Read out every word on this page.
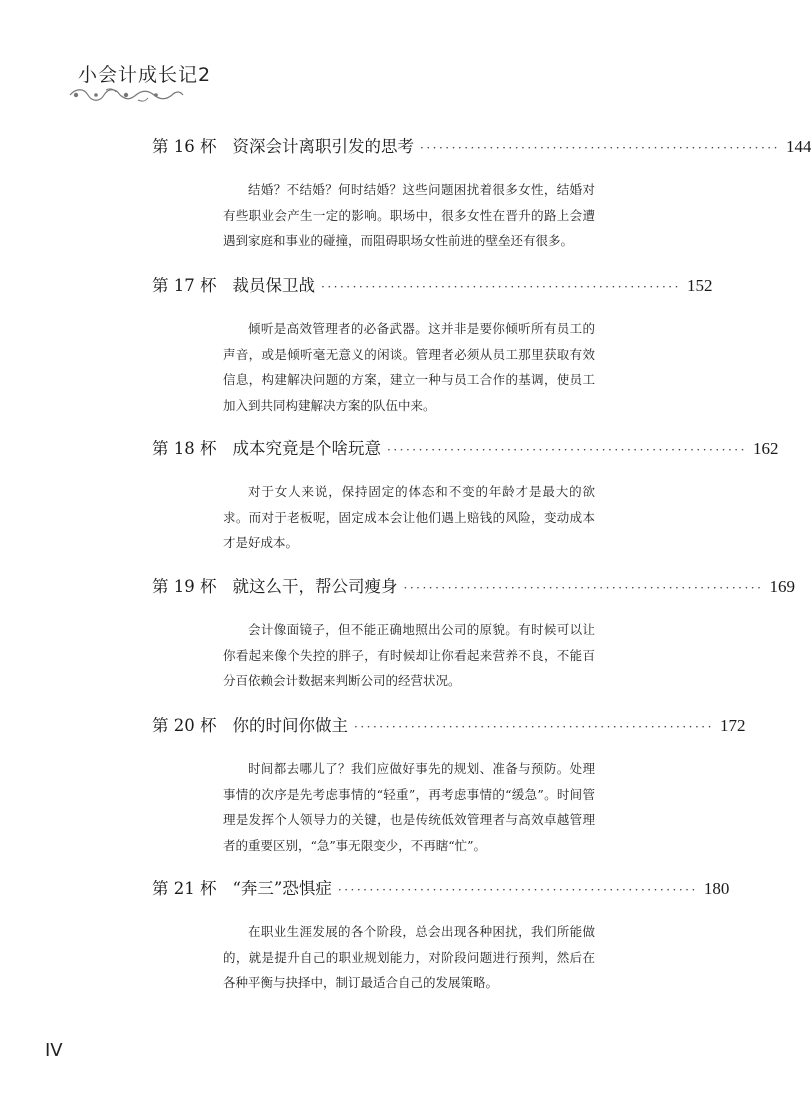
小会计成长记2
第 16 杯 资深会计离职引发的思考 ························································· 144
结婚？不结婚？何时结婚？这些问题困扰着很多女性，结婚对有些职业会产生一定的影响。职场中，很多女性在晋升的路上会遭遇到家庭和事业的碰撞，而阻碍职场女性前进的壁垒还有很多。
第 17 杯 裁员保卫战 ························································· 152
倾听是高效管理者的必备武器。这并非是要你倾听所有员工的声音，或是倾听毫无意义的闲谈。管理者必须从员工那里获取有效信息，构建解决问题的方案，建立一种与员工合作的基调，使员工加入到共同构建解决方案的队伍中来。
第 18 杯 成本究竟是个啥玩意 ························································· 162
对于女人来说，保持固定的体态和不变的年龄才是最大的欲求。而对于老板呢，固定成本会让他们遇上赔钱的风险，变动成本才是好成本。
第 19 杯 就这么干，帮公司瘦身 ························································· 169
会计像面镜子，但不能正确地照出公司的原貌。有时候可以让你看起来像个失控的胖子，有时候却让你看起来营养不良，不能百分百依赖会计数据来判断公司的经营状况。
第 20 杯 你的时间你做主 ························································· 172
时间都去哪儿了？我们应做好事先的规划、准备与预防。处理事情的次序是先考虑事情的“轻重”，再考虑事情的“缓急”。时间管理是发挥个人领导力的关键，也是传统低效管理者与高效卓越管理者的重要区别，“急”事无限变少，不再瞎“忙”。
第 21 杯 “奔三”恐惧症 ························································· 180
在职业生涯发展的各个阶段，总会出现各种困扰，我们所能做的，就是提升自己的职业规划能力，对阶段问题进行预判，然后在各种平衡与抉择中，制订最适合自己的发展策略。
IV
